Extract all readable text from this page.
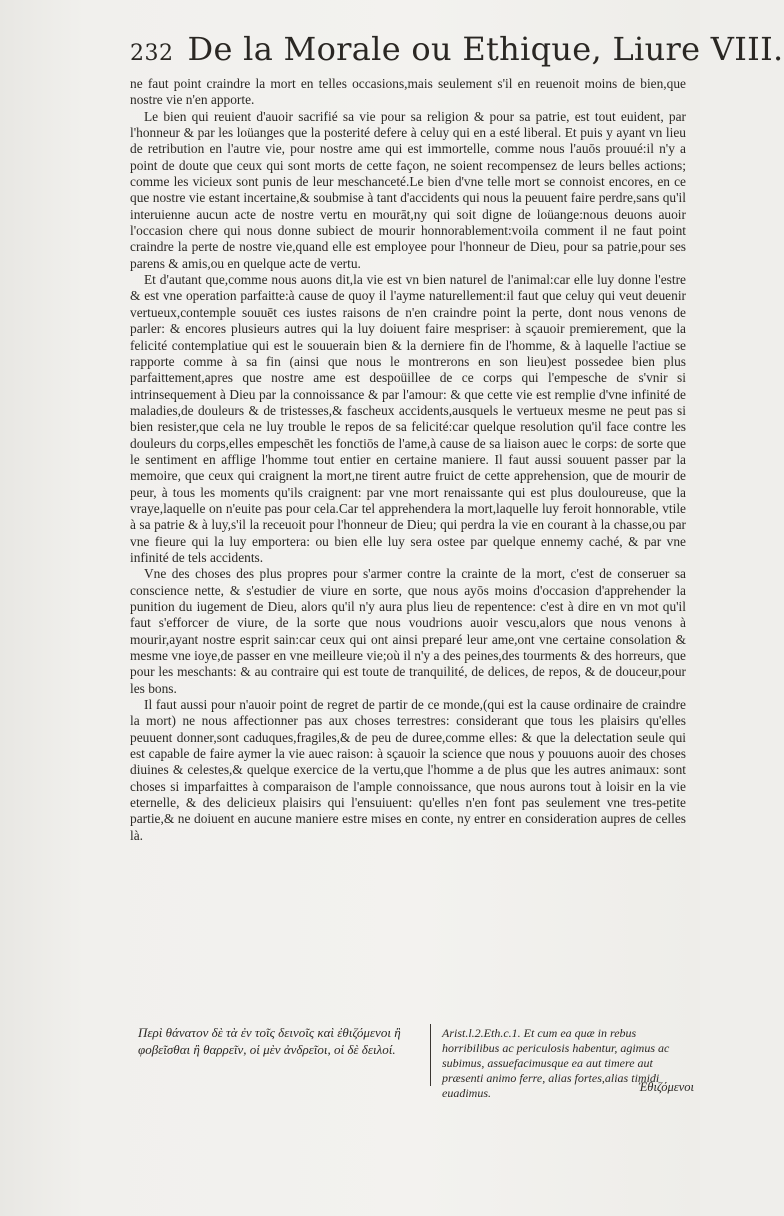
232 De la Morale ou Ethique, Liure VIII.

ne faut point craindre la mort en telles occasions,mais seulement s'il en reuenoit moins de bien,que nostre vie n'en apporte.

Le bien qui reuient d'auoir sacrifié sa vie pour sa religion & pour sa patrie, est tout euident, par l'honneur & par les loüanges que la posterité defere à celuy qui en a esté liberal. Et puis y ayant vn lieu de retribution en l'autre vie, pour nostre ame qui est immortelle, comme nous l'auōs prouué:il n'y a point de doute que ceux qui sont morts de cette façon, ne soient recompensez de leurs belles actions; comme les vicieux sont punis de leur meschanceté.Le bien d'vne telle mort se connoist encores, en ce que nostre vie estant incertaine,& soubmise à tant d'accidents qui nous la peuuent faire perdre,sans qu'il interuienne aucun acte de nostre vertu en mourāt,ny qui soit digne de loüange:nous deuons auoir l'occasion chere qui nous donne subiect de mourir honnorablement:voila comment il ne faut point craindre la perte de nostre vie,quand elle est employee pour l'honneur de Dieu, pour sa patrie,pour ses parens & amis,ou en quelque acte de vertu.

Et d'autant que,comme nous auons dit,la vie est vn bien naturel de l'animal:car elle luy donne l'estre & est vne operation parfaitte:à cause de quoy il l'ayme naturellement:il faut que celuy qui veut deuenir vertueux,contemple souuēt ces iustes raisons de n'en craindre point la perte, dont nous venons de parler: & encores plusieurs autres qui la luy doiuent faire mespriser: à sçauoir premierement, que la felicité contemplatiue qui est le souuerain bien & la derniere fin de l'homme, & à laquelle l'actiue se rapporte comme à sa fin (ainsi que nous le montrerons en son lieu)est possedee bien plus parfaittement,apres que nostre ame est despoüillee de ce corps qui l'empesche de s'vnir si intrinsequement à Dieu par la connoissance & par l'amour: & que cette vie est remplie d'vne infinité de maladies,de douleurs & de tristesses,& fascheux accidents,ausquels le vertueux mesme ne peut pas si bien resister,que cela ne luy trouble le repos de sa felicité:car quelque resolution qu'il face contre les douleurs du corps,elles empeschēt les fonctiōs de l'ame,à cause de sa liaison auec le corps: de sorte que le sentiment en afflige l'homme tout entier en certaine maniere. Il faut aussi souuent passer par la memoire, que ceux qui craignent la mort,ne tirent autre fruict de cette apprehension, que de mourir de peur, à tous les moments qu'ils craignent: par vne mort renaissante qui est plus douloureuse, que la vraye,laquelle on n'euite pas pour cela.Car tel apprehendera la mort,laquelle luy feroit honnorable, vtile à sa patrie & à luy,s'il la receuoit pour l'honneur de Dieu; qui perdra la vie en courant à la chasse,ou par vne fieure qui la luy emportera: ou bien elle luy sera ostee par quelque ennemy caché, & par vne infinité de tels accidents.

Vne des choses des plus propres pour s'armer contre la crainte de la mort, c'est de conseruer sa conscience nette, & s'estudier de viure en sorte, que nous ayōs moins d'occasion d'apprehender la punition du iugement de Dieu, alors qu'il n'y aura plus lieu de repentence: c'est à dire en vn mot qu'il faut s'efforcer de viure, de la sorte que nous voudrions auoir vescu,alors que nous venons à mourir,ayant nostre esprit sain:car ceux qui ont ainsi preparé leur ame,ont vne certaine consolation & mesme vne ioye,de passer en vne meilleure vie;où il n'y a des peines,des tourments & des horreurs, que pour les meschants: & au contraire qui est toute de tranquilité, de delices, de repos, & de douceur,pour les bons.

Il faut aussi pour n'auoir point de regret de partir de ce monde,(qui est la cause ordinaire de craindre la mort) ne nous affectionner pas aux choses terrestres: considerant que tous les plaisirs qu'elles peuuent donner,sont caduques,fragiles,& de peu de duree,comme elles: & que la delectation seule qui est capable de faire aymer la vie auec raison: à sçauoir la science que nous y pouuons auoir des choses diuines & celestes,& quelque exercice de la vertu,que l'homme a de plus que les autres animaux: sont choses si imparfaittes à comparaison de l'ample connoissance, que nous aurons tout à loisir en la vie eternelle, & des delicieux plaisirs qui l'ensuiuent: qu'elles n'en font pas seulement vne tres-petite partie,& ne doiuent en aucune maniere estre mises en conte, ny entrer en consideration aupres de celles là.

Περὶ θάνατον δὲ τὰ ἐν τοῖς δεινοῖς καὶ ἐθιζόμενοι ἢ φοβεῖσθαι ἢ θαρρεῖν, οἱ μὲν ἀνδρεῖοι, οἱ δὲ δειλοί.
Arist.l.2.Eth.c.1. Et cum ea quæ in rebus horribilibus ac periculosis habentur, agimus ac subimus, assuefacimusque ea aut timere aut præsenti animo ferre, alias fortes,alias timidi euadimus.	Ἐθιζόμενοι
